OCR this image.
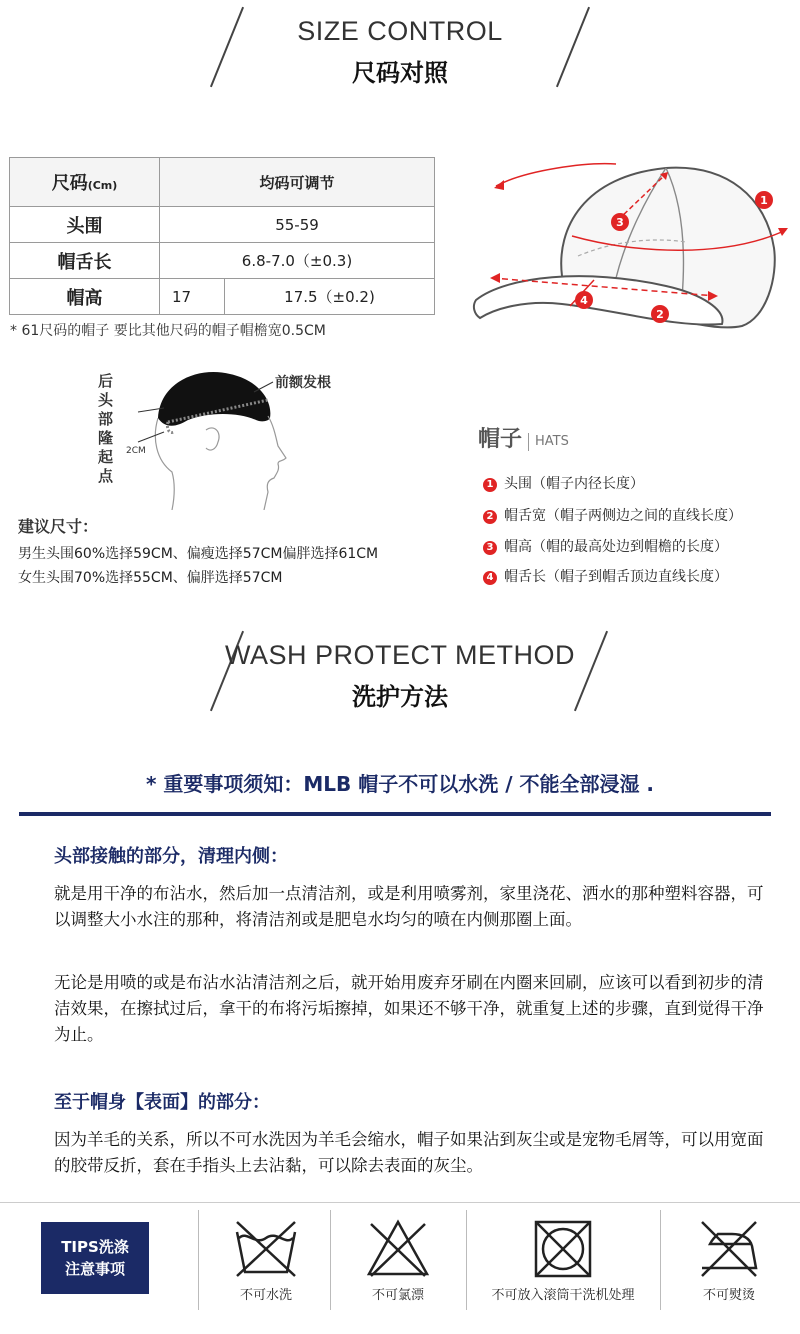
SIZE CONTROL
尺码对照
尺码(Cm)	均码可调节	
头围	55-59	
帽舌长	6.8-7.0（±0.3)	
帽高	17	17.5（±0.2)
* 61尺码的帽子 要比其他尺码的帽子帽檐宽0.5CM
后头部隆起点
前额发根
2CM
建议尺寸：
男生头围60%选择59CM、偏瘦选择57CM偏胖选择61CM
女生头围70%选择55CM、偏胖选择57CM
1
2
3
4
帽子 HATS
1 头围（帽子内径长度）
2 帽舌宽（帽子两侧边之间的直线长度）
3 帽高（帽的最高处边到帽檐的长度）
4 帽舌长（帽子到帽舌顶边直线长度）
WASH PROTECT METHOD
洗护方法
* 重要事项须知：MLB 帽子不可以水洗 / 不能全部浸湿 .
头部接触的部分，清理内侧：
就是用干净的布沾水，然后加一点清洁剂，或是利用喷雾剂，家里浇花、洒水的那种塑料容器，可以调整大小水注的那种，将清洁剂或是肥皂水均匀的喷在内侧那圈上面。
无论是用喷的或是布沾水沾清洁剂之后，就开始用废弃牙刷在内圈来回刷，应该可以看到初步的清洁效果，在擦拭过后，拿干的布将污垢擦掉，如果还不够干净，就重复上述的步骤，直到觉得干净为止。
至于帽身【表面】的部分：
因为羊毛的关系，所以不可水洗因为羊毛会缩水，帽子如果沾到灰尘或是宠物毛屑等，可以用宽面的胶带反折，套在手指头上去沾黏，可以除去表面的灰尘。
TIPS洗涤
注意事项
不可水洗	不可氯漂	不可放入滚筒干洗机处理	不可熨烫
